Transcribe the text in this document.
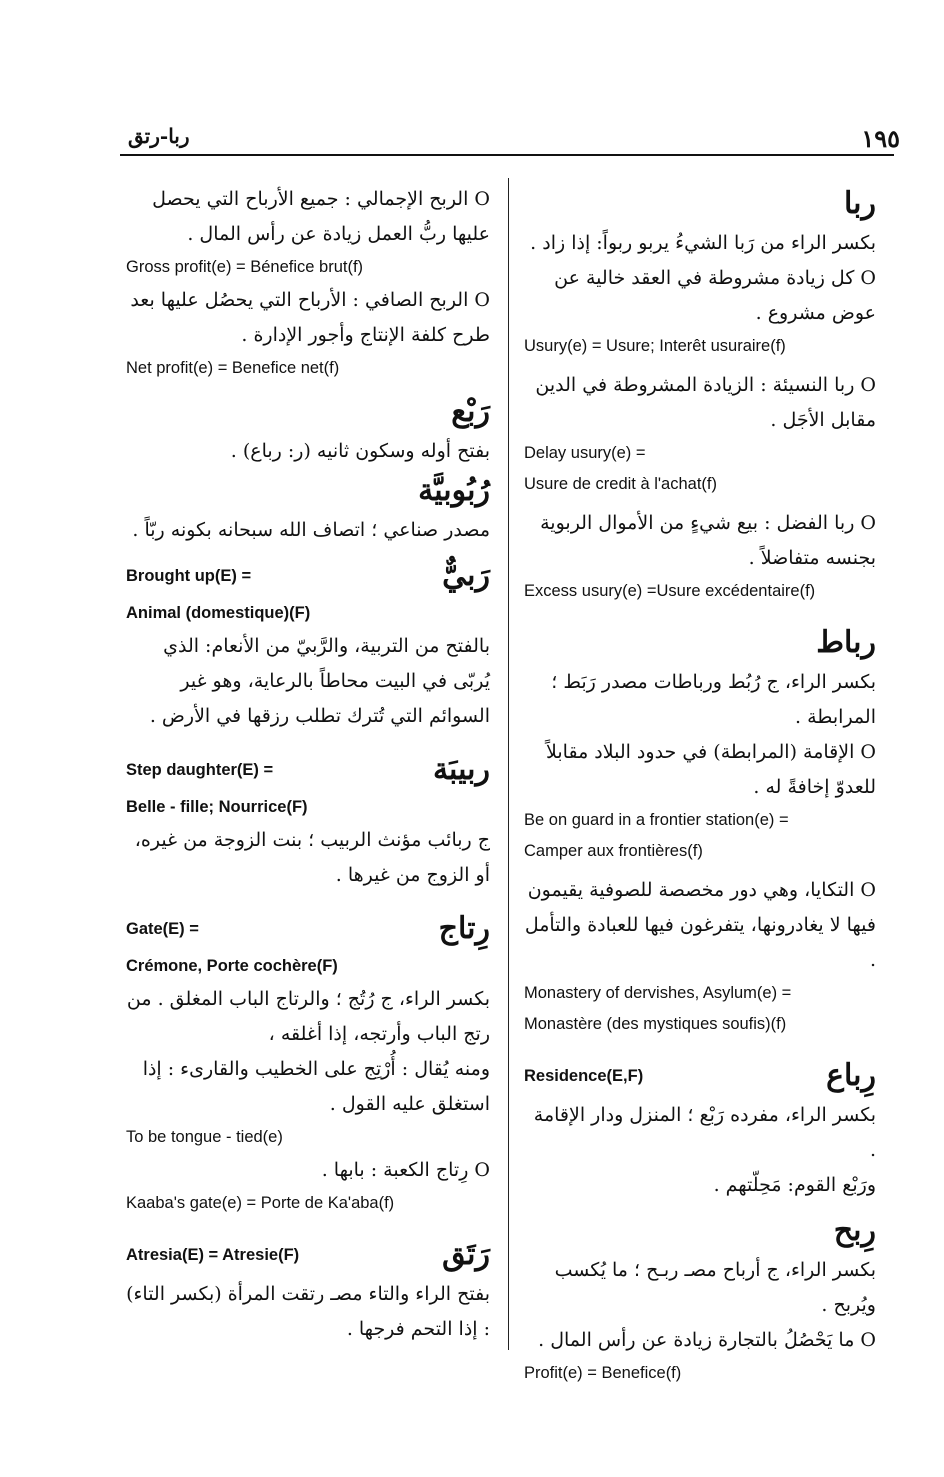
ربا-رتق	١٩٥
ربا
بكسر الراء من رَبا الشيءُ يربو ربواً: إذا زاد .
O كل زيادة مشروطة في العقد خالية عن عوض مشروع .
Usury(e) = Usure; Interêt usuraire(f)
O ربا النسيئة : الزيادة المشروطة في الدين مقابل الأجَل .
Delay usury(e) =
Usure de credit à l'achat(f)
O ربا الفضل : بيع شيءٍ من الأموال الربوية بجنسه متفاضلاً .
Excess usury(e) =Usure excédentaire(f)
رباط
بكسر الراء، ج رُبُط ورباطات مصدر رَبَط ؛ المرابطة .
O الإقامة (المرابطة) في حدود البلاد مقابلاً للعدوّ إخافةً له .
Be on guard in a frontier station(e) =
Camper aux frontières(f)
O التكايا، وهي دور مخصصة للصوفية يقيمون فيها لا يغادرونها، يتفرغون فيها للعبادة والتأمل .
Monastery of dervishes, Asylum(e) =
Monastère (des mystiques soufis)(f)
Residence(E,F)	رِباع
بكسر الراء، مفرده رَبْع ؛ المنزل ودار الإقامة .
ورَبْع القوم: مَحِلّتهم .
رِبح
بكسر الراء، ج أرباح مصـ ربـح ؛ ما يُكسب ويُربح .
O ما يَحْصُلُ بالتجارة زيادة عن رأس المال .
Profit(e) = Benefice(f)
O الربح الإجمالي : جميع الأرباح التي يحصل عليها ربُّ العمل زيادة عن رأس المال .
Gross profit(e) = Bénefice brut(f)
O الربح الصافي : الأرباح التي يحصُل عليها بعد طرح كلفة الإنتاج وأجور الإدارة .
Net profit(e) = Benefice net(f)
رَبْع
بفتح أوله وسكون ثانيه (ر: رباع) .
رُبُوبيَّة
مصدر صناعي ؛ اتصاف الله سبحانه بكونه ربّاً .
Brought up(E) =	رَبيٌّ
Animal (domestique)(F)
بالفتح من التربية، والرَّبيّ من الأنعام: الذي يُربّى في البيت محاطاً بالرعاية، وهو غير السوائم التي تُترك تطلب رزقها في الأرض .
Step daughter(E) =	ربيبَة
Belle - fille; Nourrice(F)
ج ربائب مؤنث الربيب ؛ بنت الزوجة من غيره، أو الزوج من غيرها .
Gate(E) =	رِتاج
Crémone, Porte cochère(F)
بكسر الراء، ج رُتُج ؛ والرتاج الباب المغلق . من رتج الباب وأرتجه، إذا أغلقه ،
ومنه يُقال : أُرْتِج على الخطيب والقارىء : إذا استغلق عليه القول .
To be tongue - tied(e)
O رِتاج الكعبة : بابها .
Kaaba's gate(e) = Porte de Ka'aba(f)
Atresia(E) = Atresie(F)	رَتَق
بفتح الراء والتاء مصـ رتقت المرأة (بكسر التاء) : إذا التحم فرجها .
